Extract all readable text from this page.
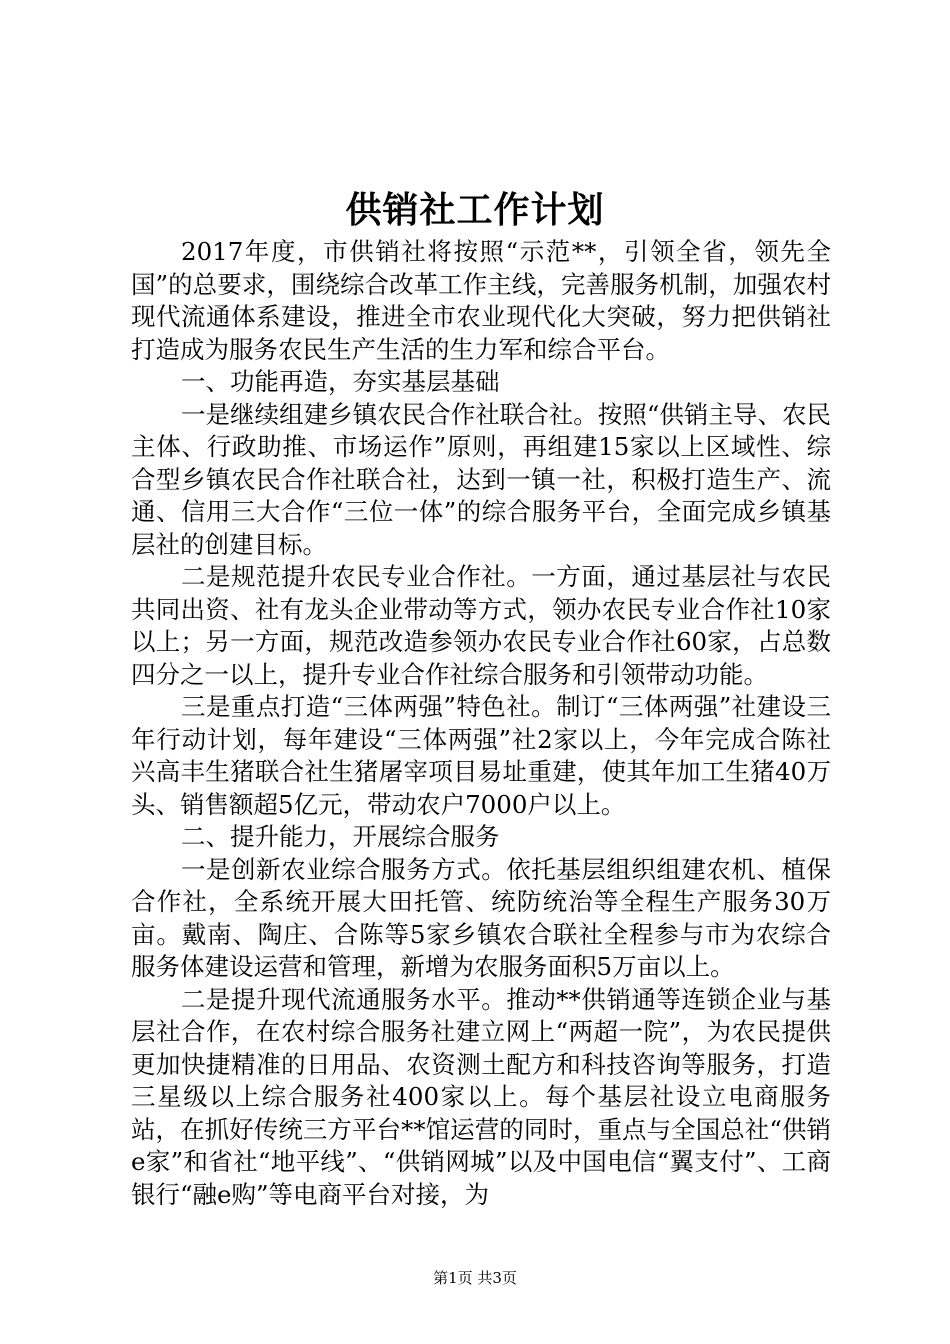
供销社工作计划

2017年度，市供销社将按照“示范**，引领全省，领先全国”的总要求，围绕综合改革工作主线，完善服务机制，加强农村现代流通体系建设，推进全市农业现代化大突破，努力把供销社打造成为服务农民生产生活的生力军和综合平台。

一、功能再造，夯实基层基础

一是继续组建乡镇农民合作社联合社。按照“供销主导、农民主体、行政助推、市场运作”原则，再组建15家以上区域性、综合型乡镇农民合作社联合社，达到一镇一社，积极打造生产、流通、信用三大合作“三位一体”的综合服务平台，全面完成乡镇基层社的创建目标。

二是规范提升农民专业合作社。一方面，通过基层社与农民共同出资、社有龙头企业带动等方式，领办农民专业合作社10家以上；另一方面，规范改造参领办农民专业合作社60家，占总数四分之一以上，提升专业合作社综合服务和引领带动功能。

三是重点打造“三体两强”特色社。制订“三体两强”社建设三年行动计划，每年建设“三体两强”社2家以上，今年完成合陈社兴高丰生猪联合社生猪屠宰项目易址重建，使其年加工生猪40万头、销售额超5亿元，带动农户7000户以上。

二、提升能力，开展综合服务

一是创新农业综合服务方式。依托基层组织组建农机、植保合作社，全系统开展大田托管、统防统治等全程生产服务30万亩。戴南、陶庄、合陈等5家乡镇农合联社全程参与市为农综合服务体建设运营和管理，新增为农服务面积5万亩以上。

二是提升现代流通服务水平。推动**供销通等连锁企业与基层社合作，在农村综合服务社建立网上“两超一院”，为农民提供更加快捷精准的日用品、农资测土配方和科技咨询等服务，打造三星级以上综合服务社400家以上。每个基层社设立电商服务站，在抓好传统三方平台**馆运营的同时，重点与全国总社“供销e家”和省社“地平线”、“供销网城”以及中国电信“翼支付”、工商银行“融e购”等电商平台对接，为

第1页 共3页
